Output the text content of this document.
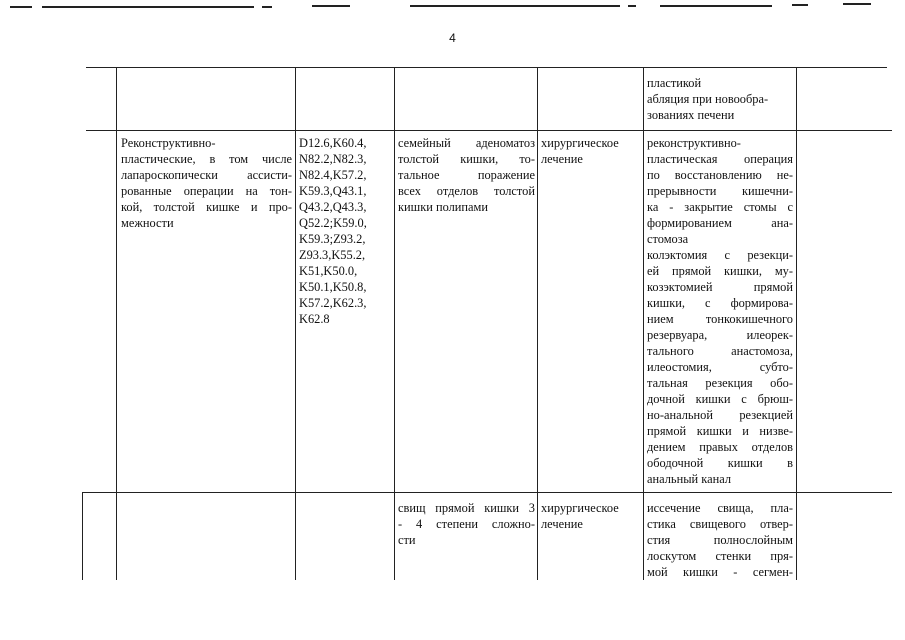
4
пластикой
абляция при новообра-
зованиях печени
Реконструктивно-
пластические, в том числе
лапароскопически ассисти-
рованные операции на тон-
кой, толстой кишке и про-
межности
D12.6,K60.4,
N82.2,N82.3,
N82.4,K57.2,
K59.3,Q43.1,
Q43.2,Q43.3,
Q52.2;K59.0,
K59.3;Z93.2,
Z93.3,K55.2,
K51,K50.0,
K50.1,K50.8,
K57.2,K62.3,
K62.8
семейный аденоматоз
толстой кишки, то-
тальное поражение
всех отделов толстой
кишки полипами
хирургическое
лечение
реконструктивно-
пластическая операция
по восстановлению не-
прерывности кишечни-
ка - закрытие стомы с
формированием ана-
стомоза
колэктомия с резекци-
ей прямой кишки, му-
козэктомией прямой
кишки, с формирова-
нием тонкокишечного
резервуара, илеорек-
тального анастомоза,
илеостомия, субто-
тальная резекция обо-
дочной кишки с брюш-
но-анальной резекцией
прямой кишки и низве-
дением правых отделов
ободочной кишки в
анальный канал
свищ прямой кишки 3
- 4 степени сложно-
сти
хирургическое
лечение
иссечение свища, пла-
стика свищевого отвер-
стия полнослойным
лоскутом стенки пря-
мой кишки - сегмен-
